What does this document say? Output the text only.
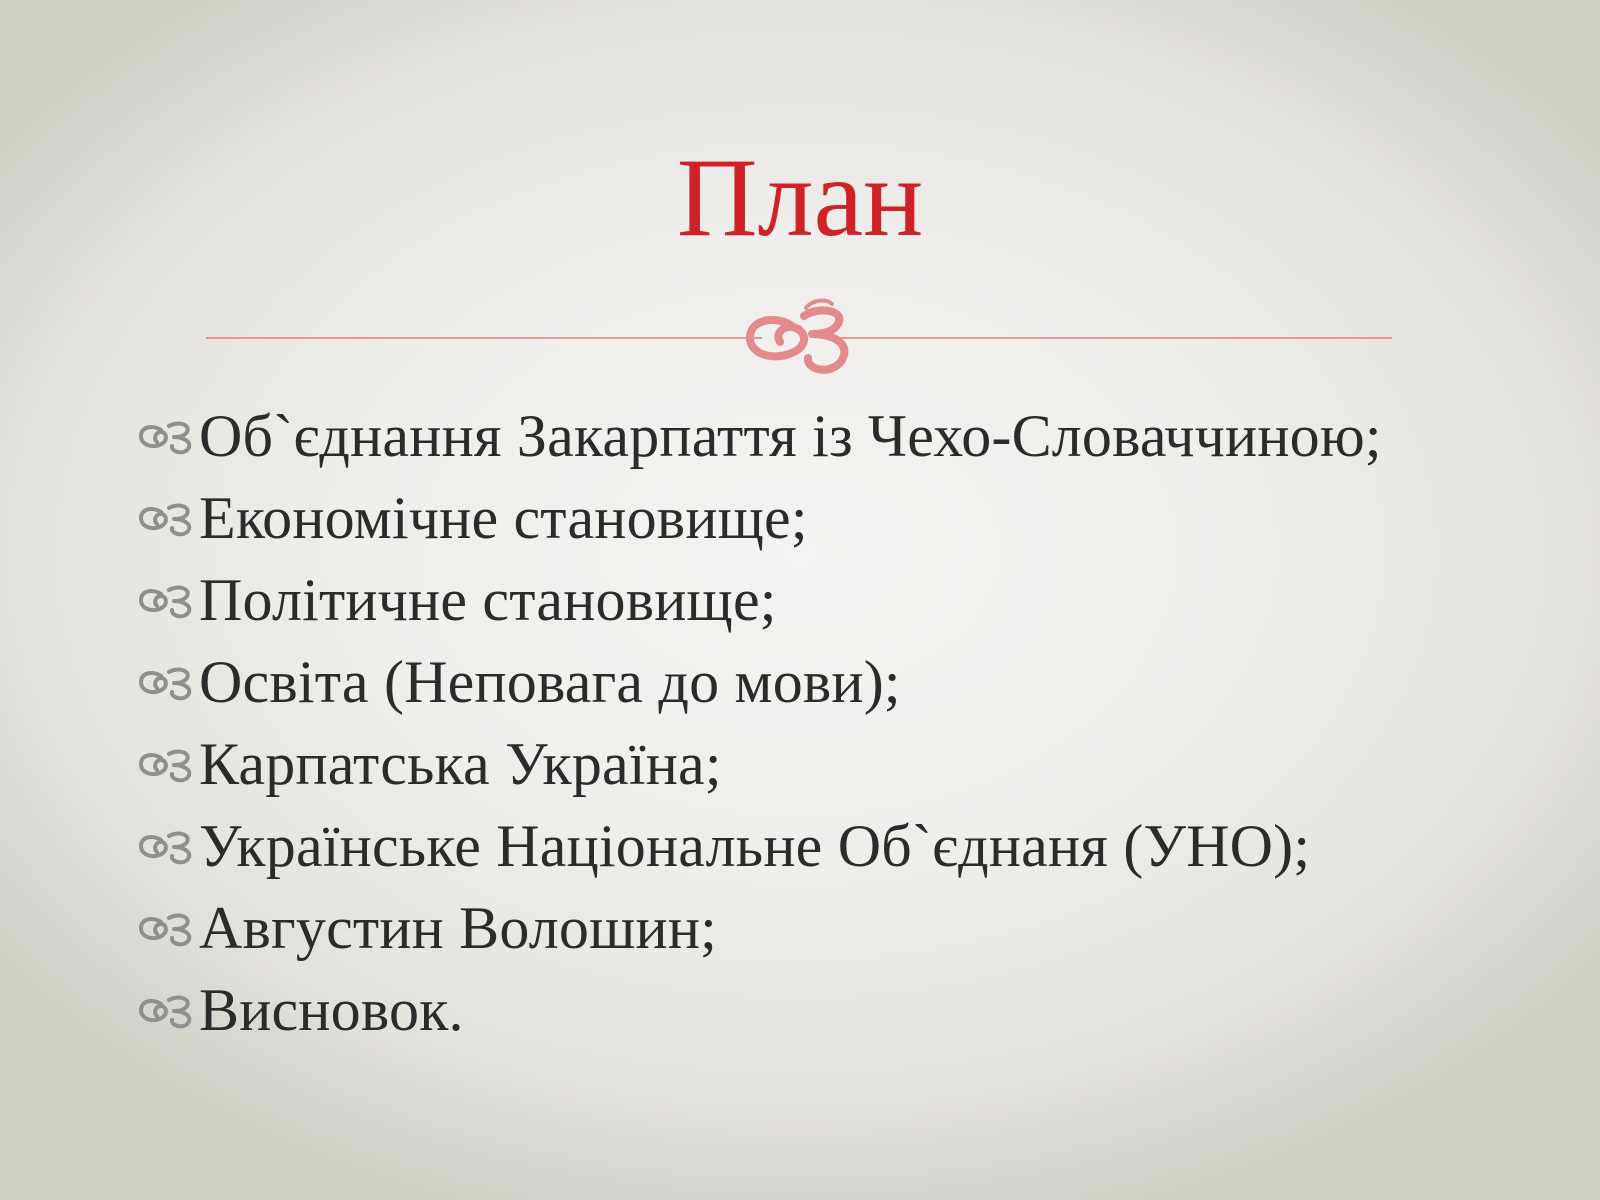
План
Об`єднання Закарпаття із Чехо-Словаччиною;
Економічне становище;
Політичне становище;
Освіта (Неповага до мови);
Карпатська Україна;
Українське Національне Об`єднаня (УНО);
Августин Волошин;
Висновок.
